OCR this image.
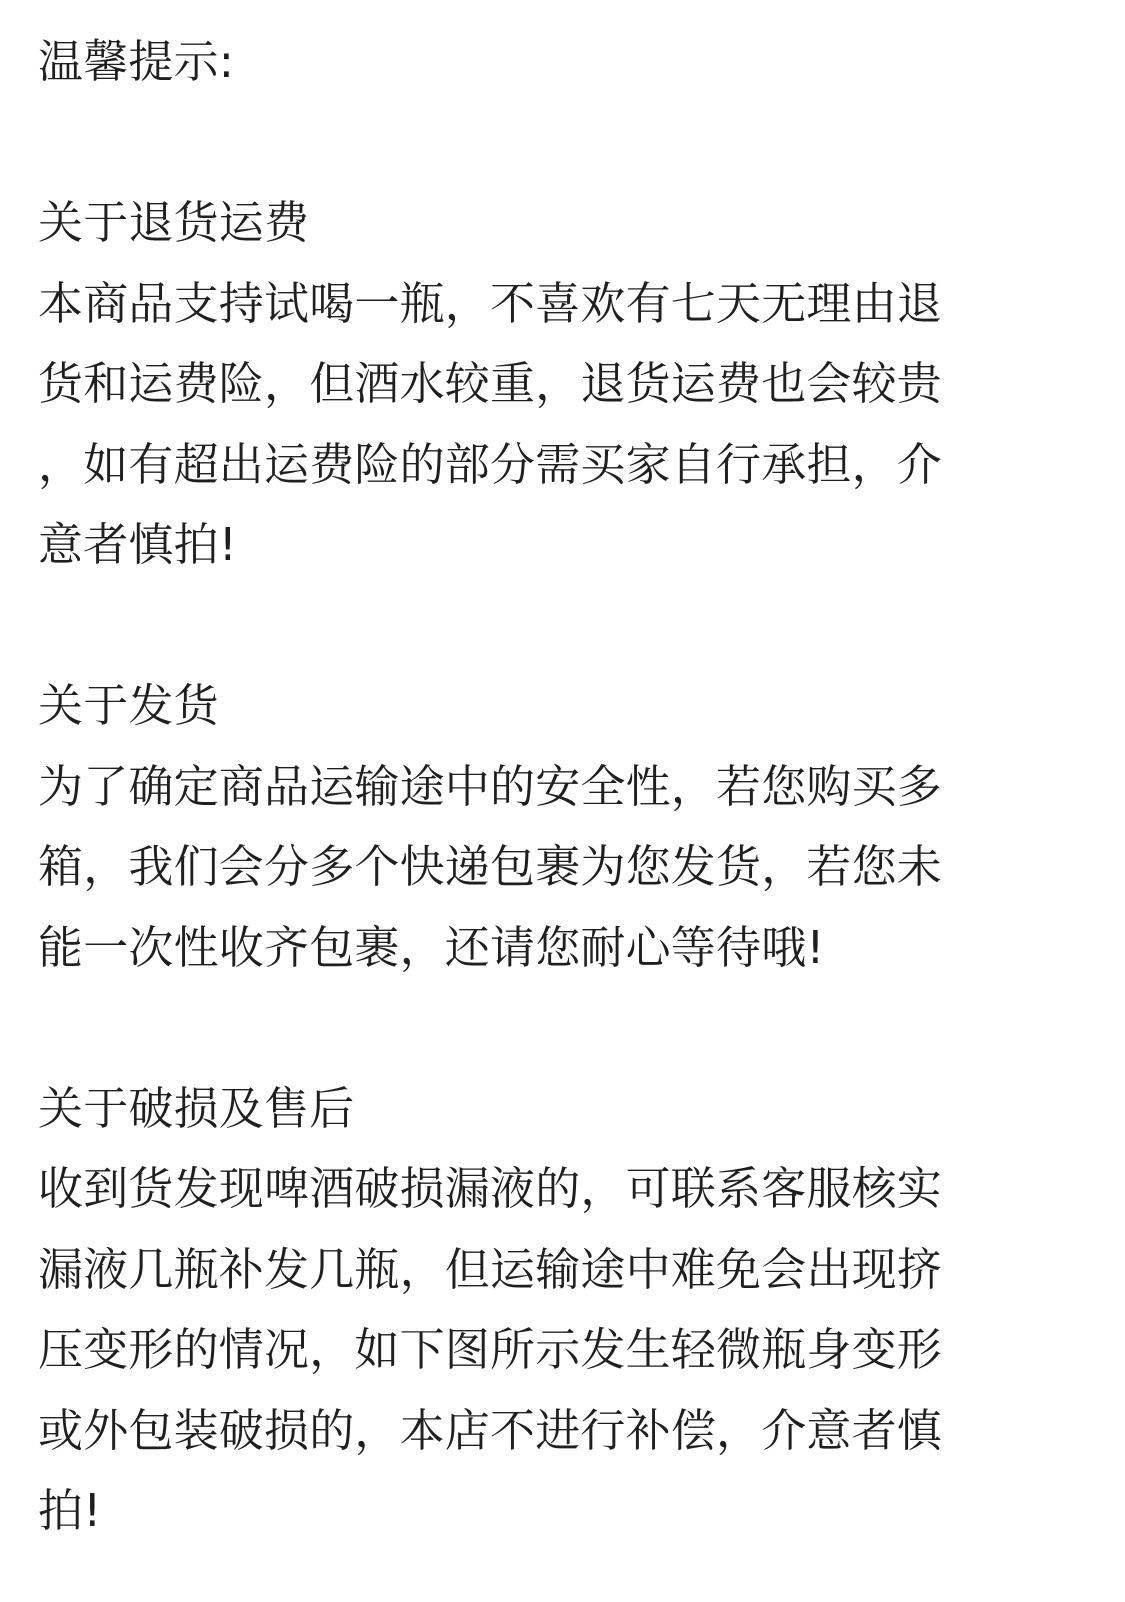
温馨提示:
关于退货运费
本商品支持试喝一瓶，不喜欢有七天无理由退
货和运费险，但酒水较重，退货运费也会较贵
，如有超出运费险的部分需买家自行承担，介
意者慎拍!
关于发货
为了确定商品运输途中的安全性，若您购买多
箱，我们会分多个快递包裹为您发货，若您未
能一次性收齐包裹，还请您耐心等待哦!
关于破损及售后
收到货发现啤酒破损漏液的，可联系客服核实
漏液几瓶补发几瓶，但运输途中难免会出现挤
压变形的情况，如下图所示发生轻微瓶身变形
或外包装破损的，本店不进行补偿，介意者慎
拍!
